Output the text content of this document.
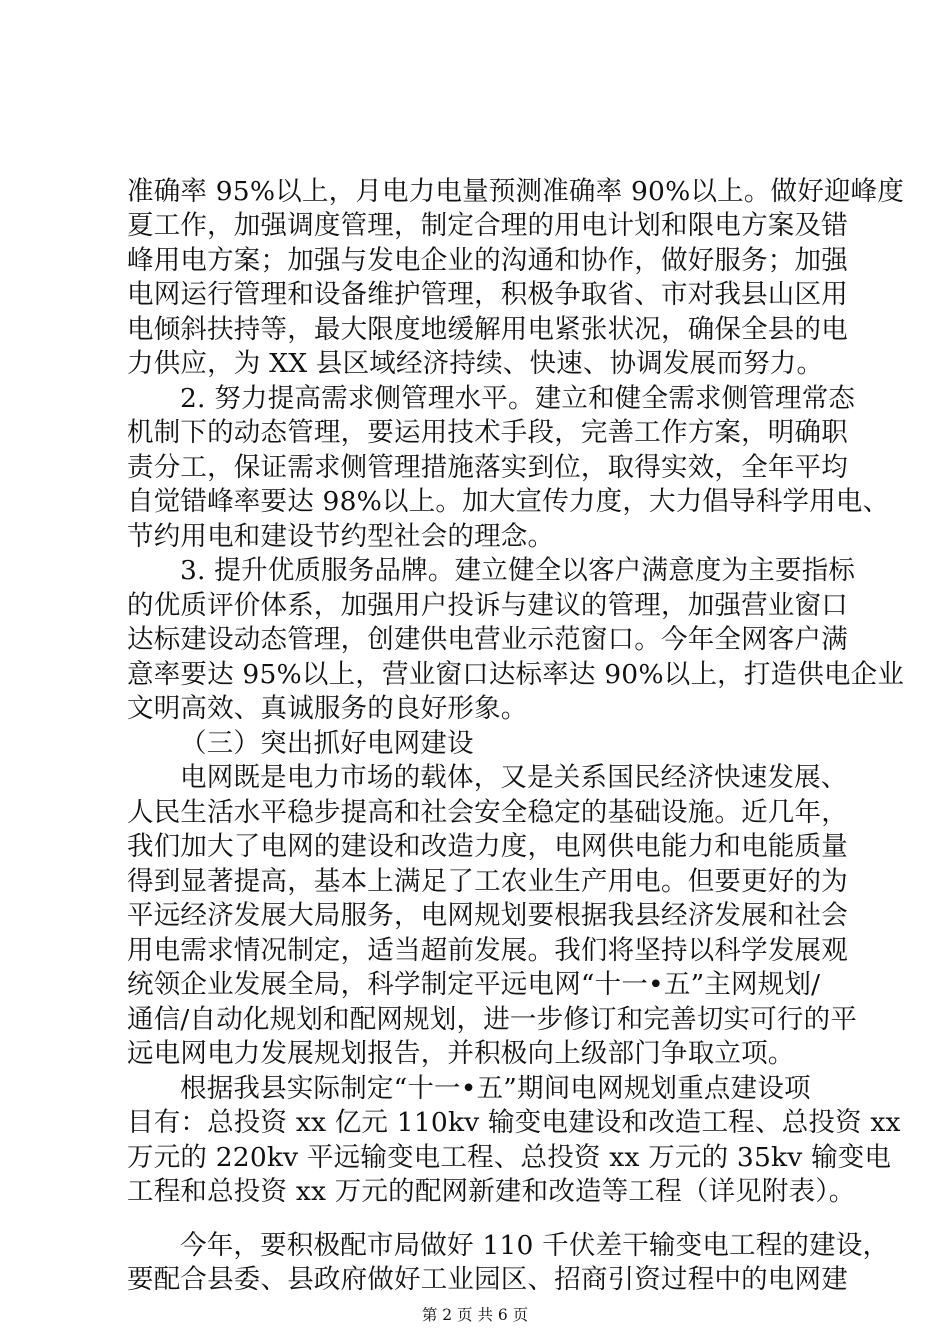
准确率 95%以上，月电力电量预测准确率 90%以上。做好迎峰度
夏工作，加强调度管理，制定合理的用电计划和限电方案及错
峰用电方案；加强与发电企业的沟通和协作，做好服务；加强
电网运行管理和设备维护管理，积极争取省、市对我县山区用
电倾斜扶持等，最大限度地缓解用电紧张状况，确保全县的电
力供应，为 XX 县区域经济持续、快速、协调发展而努力。
2. 努力提高需求侧管理水平。建立和健全需求侧管理常态
机制下的动态管理，要运用技术手段，完善工作方案，明确职
责分工，保证需求侧管理措施落实到位，取得实效，全年平均
自觉错峰率要达 98%以上。加大宣传力度，大力倡导科学用电、
节约用电和建设节约型社会的理念。
3. 提升优质服务品牌。建立健全以客户满意度为主要指标
的优质评价体系，加强用户投诉与建议的管理，加强营业窗口
达标建设动态管理，创建供电营业示范窗口。今年全网客户满
意率要达 95%以上，营业窗口达标率达 90%以上，打造供电企业
文明高效、真诚服务的良好形象。
（三）突出抓好电网建设
电网既是电力市场的载体，又是关系国民经济快速发展、
人民生活水平稳步提高和社会安全稳定的基础设施。近几年，
我们加大了电网的建设和改造力度，电网供电能力和电能质量
得到显著提高，基本上满足了工农业生产用电。但要更好的为
平远经济发展大局服务，电网规划要根据我县经济发展和社会
用电需求情况制定，适当超前发展。我们将坚持以科学发展观
统领企业发展全局，科学制定平远电网“十一•五”主网规划/
通信/自动化规划和配网规划，进一步修订和完善切实可行的平
远电网电力发展规划报告，并积极向上级部门争取立项。
根据我县实际制定“十一•五”期间电网规划重点建设项
目有：总投资 xx 亿元 110kv 输变电建设和改造工程、总投资 xx
万元的 220kv 平远输变电工程、总投资 xx 万元的 35kv 输变电
工程和总投资 xx 万元的配网新建和改造等工程（详见附表）。
今年，要积极配市局做好 110 千伏差干输变电工程的建设，
要配合县委、县政府做好工业园区、招商引资过程中的电网建
第 2 页 共 6 页
